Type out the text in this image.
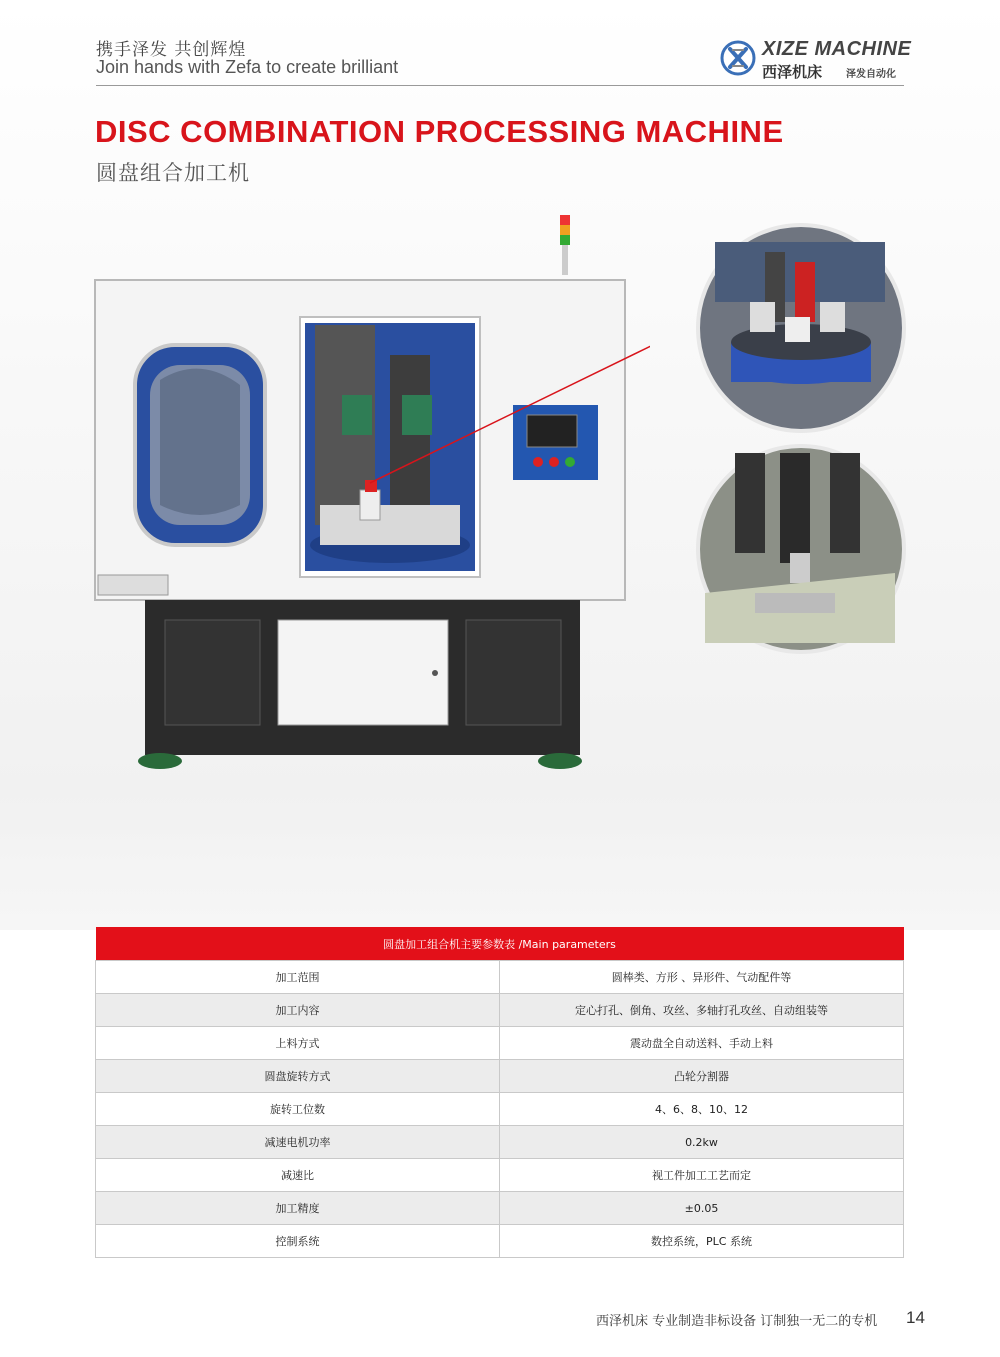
携手泽发 共创辉煌
Join hands with Zefa to create brilliant
XIZE MACHINE
西泽机床 泽发自动化
DISC COMBINATION PROCESSING MACHINE
圆盘组合加工机
圆盘加工组合机主要参数表 /Main parameters	
加工范围	圆棒类、方形 、异形件、气动配件等
加工内容	定心打孔、倒角、攻丝、多轴打孔攻丝、自动组装等
上料方式	震动盘全自动送料、手动上料
圆盘旋转方式	凸轮分割器
旋转工位数	4、6、8、10、12
减速电机功率	0.2kw
减速比	视工件加工工艺而定
加工精度	±0.05
控制系统	数控系统，PLC 系统
西泽机床 专业制造非标设备 订制独一无二的专机 14
